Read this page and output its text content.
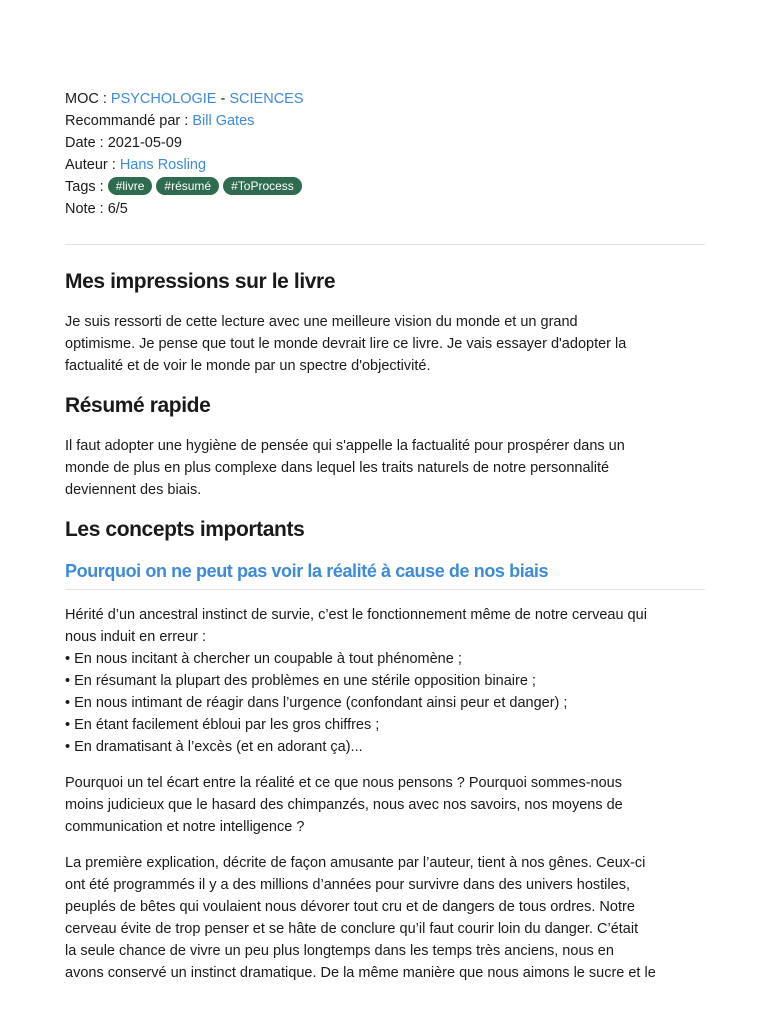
MOC : PSYCHOLOGIE - SCIENCES
Recommandé par : Bill Gates
Date : 2021-05-09
Auteur : Hans Rosling
Tags : #livre #résumé #ToProcess
Note : 6/5
Mes impressions sur le livre
Je suis ressorti de cette lecture avec une meilleure vision du monde et un grand
optimisme. Je pense que tout le monde devrait lire ce livre. Je vais essayer d'adopter la
factualité et de voir le monde par un spectre d'objectivité.
Résumé rapide
Il faut adopter une hygiène de pensée qui s'appelle la factualité pour prospérer dans un
monde de plus en plus complexe dans lequel les traits naturels de notre personnalité
deviennent des biais.
Les concepts importants
Pourquoi on ne peut pas voir la réalité à cause de nos biais
Hérité d’un ancestral instinct de survie, c’est le fonctionnement même de notre cerveau qui
nous induit en erreur :
• En nous incitant à chercher un coupable à tout phénomène ;
• En résumant la plupart des problèmes en une stérile opposition binaire ;
• En nous intimant de réagir dans l’urgence (confondant ainsi peur et danger) ;
• En étant facilement ébloui par les gros chiffres ;
• En dramatisant à l’excès (et en adorant ça)...
Pourquoi un tel écart entre la réalité et ce que nous pensons ? Pourquoi sommes-nous
moins judicieux que le hasard des chimpanzés, nous avec nos savoirs, nos moyens de
communication et notre intelligence ?
La première explication, décrite de façon amusante par l’auteur, tient à nos gênes. Ceux-ci
ont été programmés il y a des millions d’années pour survivre dans des univers hostiles,
peuplés de bêtes qui voulaient nous dévorer tout cru et de dangers de tous ordres. Notre
cerveau évite de trop penser et se hâte de conclure qu’il faut courir loin du danger. C’était
la seule chance de vivre un peu plus longtemps dans les temps très anciens, nous en
avons conservé un instinct dramatique. De la même manière que nous aimons le sucre et le
